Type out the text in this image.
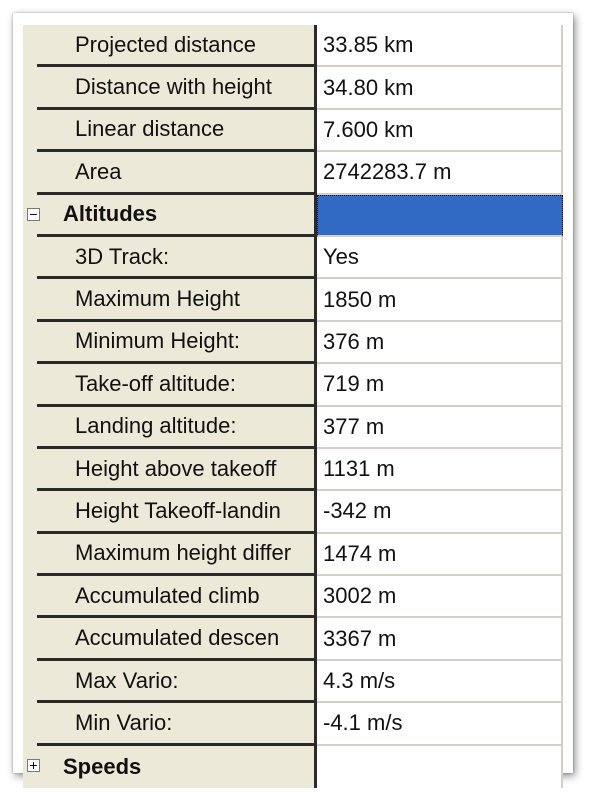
Projected distance	33.85 km
Distance with height	34.80 km
Linear distance	7.600 km
Area	2742283.7 m
−	Altitudes
3D Track:	Yes
Maximum Height	1850 m
Minimum Height:	376 m
Take-off altitude:	719 m
Landing altitude:	377 m
Height above takeoff	1131 m
Height Takeoff-landin	-342 m
Maximum height differ	1474 m
Accumulated climb	3002 m
Accumulated descen	3367 m
Max Vario:	4.3 m/s
Min Vario:	-4.1 m/s
+	Speeds
